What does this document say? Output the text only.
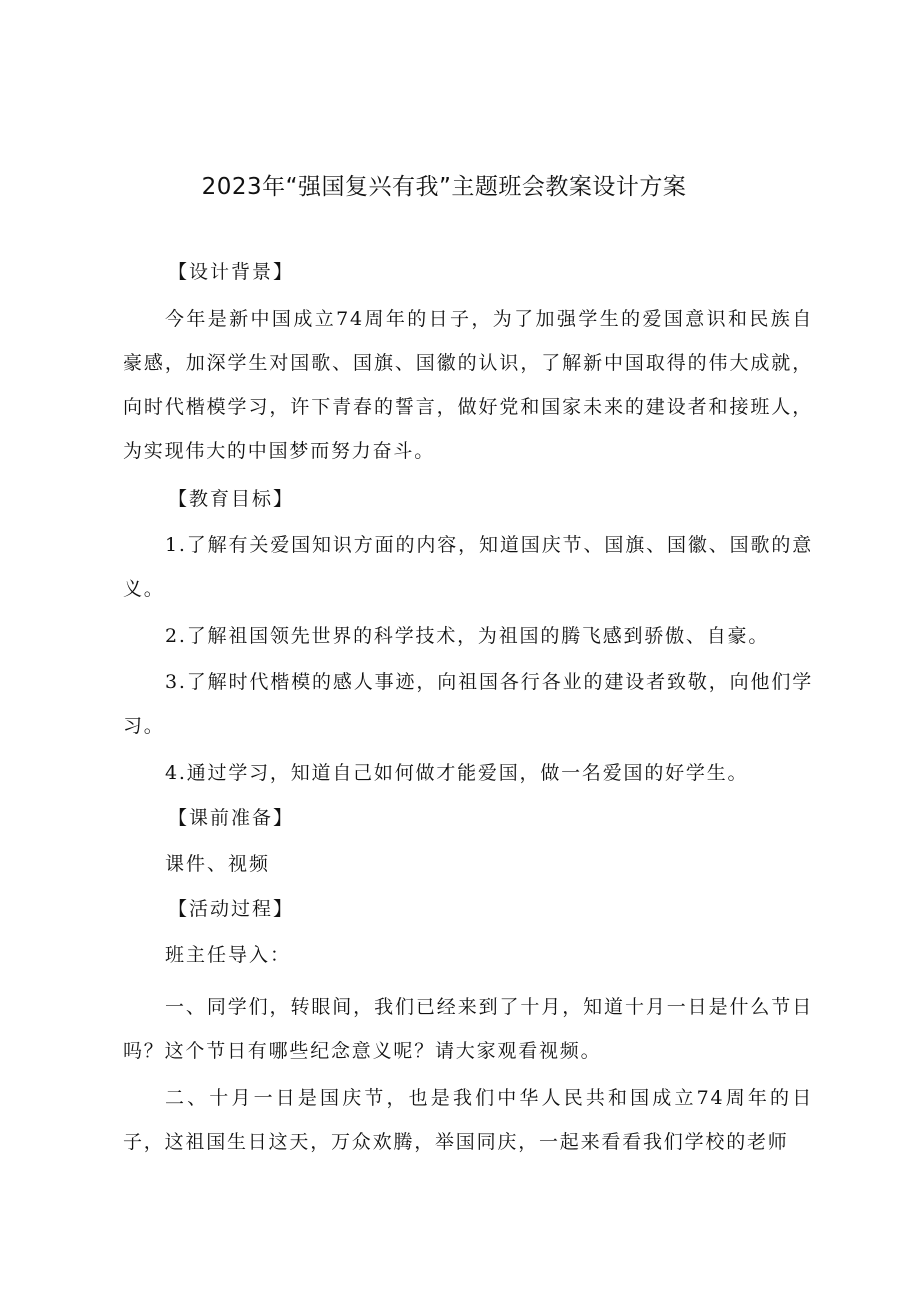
2023年“强国复兴有我”主题班会教案设计方案

【设计背景】

今年是新中国成立74周年的日子，为了加强学生的爱国意识和民族自豪感，加深学生对国歌、国旗、国徽的认识，了解新中国取得的伟大成就，向时代楷模学习，许下青春的誓言，做好党和国家未来的建设者和接班人，为实现伟大的中国梦而努力奋斗。

【教育目标】

1.了解有关爱国知识方面的内容，知道国庆节、国旗、国徽、国歌的意义。

2.了解祖国领先世界的科学技术，为祖国的腾飞感到骄傲、自豪。

3.了解时代楷模的感人事迹，向祖国各行各业的建设者致敬，向他们学习。

4.通过学习，知道自己如何做才能爱国，做一名爱国的好学生。

【课前准备】

课件、视频

【活动过程】

班主任导入：

一、同学们，转眼间，我们已经来到了十月，知道十月一日是什么节日吗？这个节日有哪些纪念意义呢？请大家观看视频。

二、十月一日是国庆节，也是我们中华人民共和国成立74周年的日子，这祖国生日这天，万众欢腾，举国同庆，一起来看看我们学校的老师
